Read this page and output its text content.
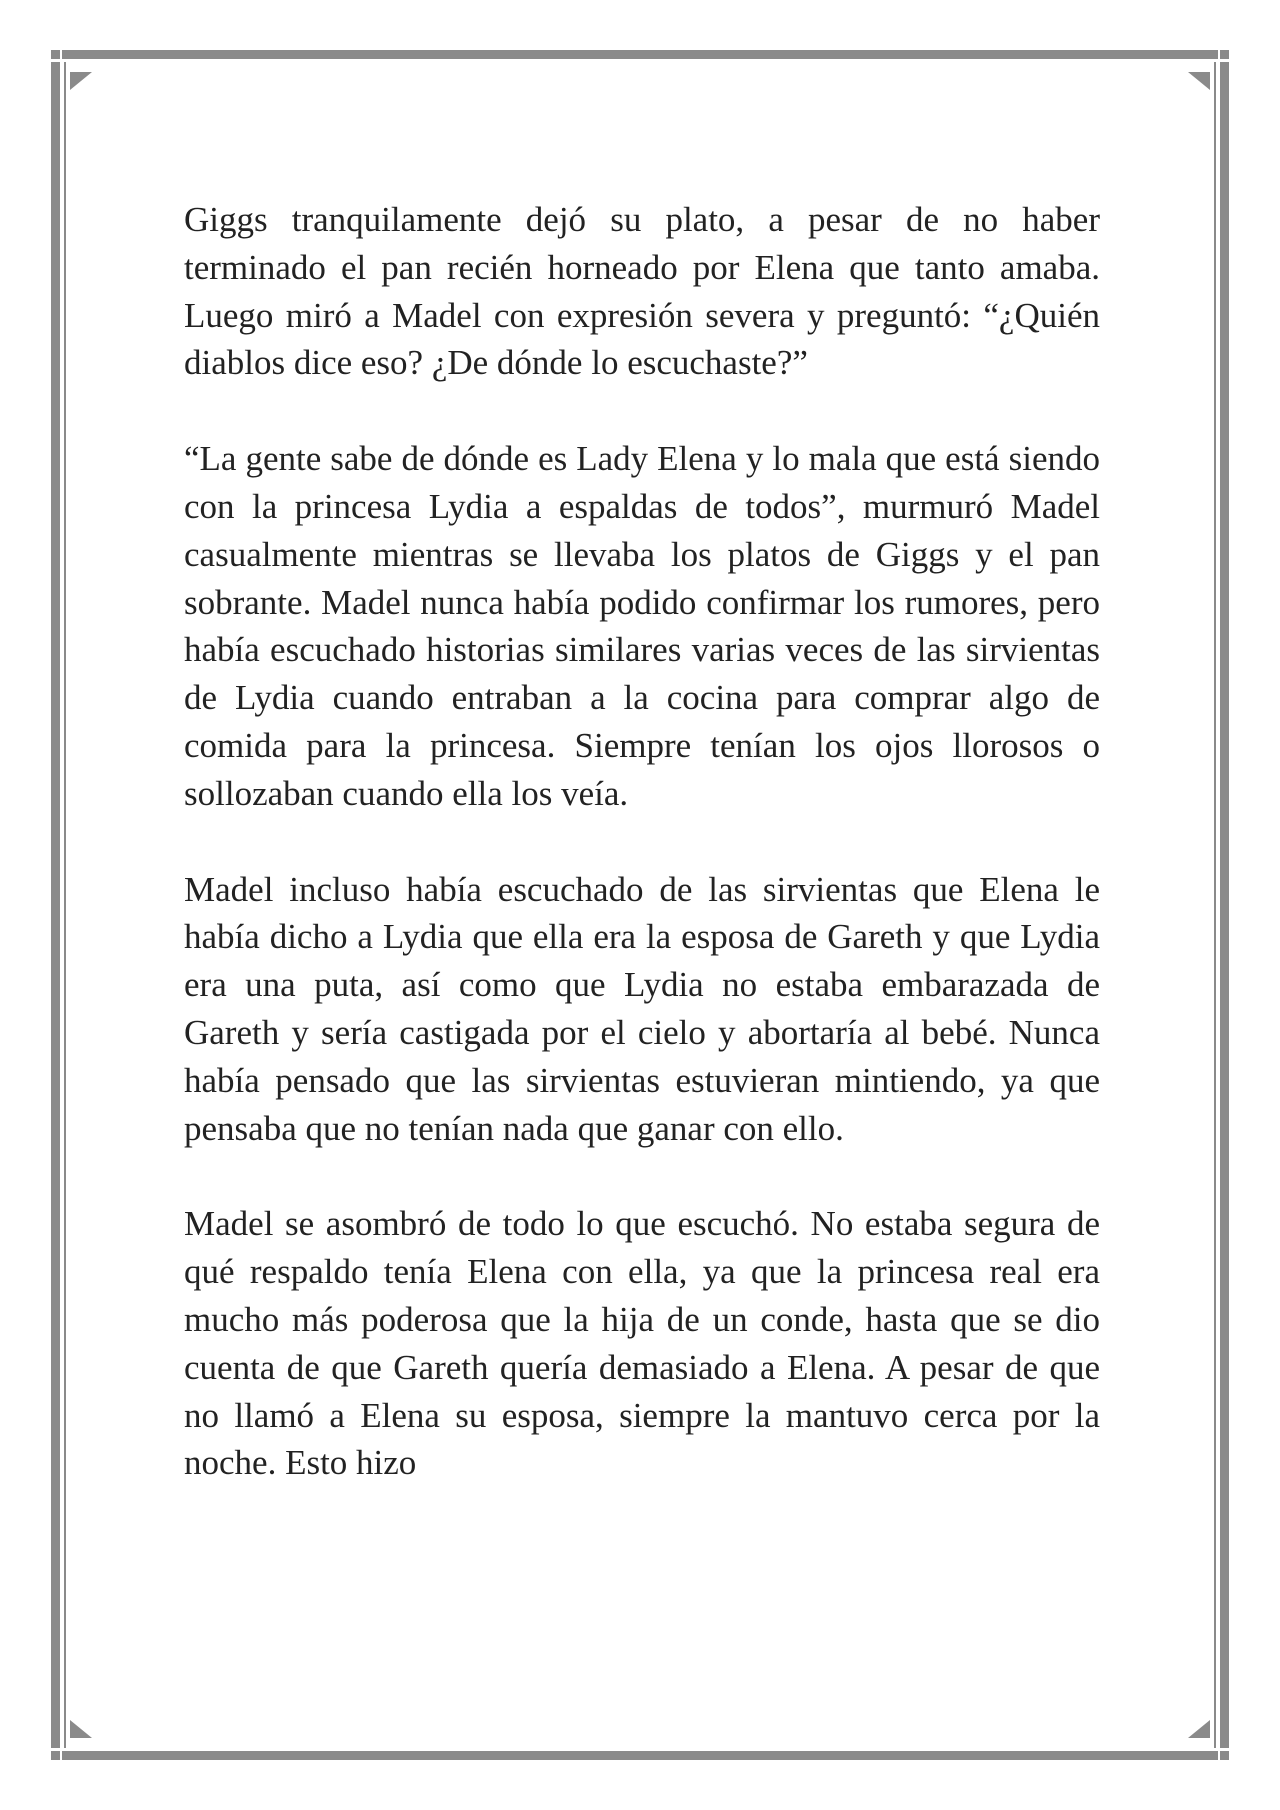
Giggs tranquilamente dejó su plato, a pesar de no haber terminado el pan recién horneado por Elena que tanto amaba. Luego miró a Madel con expresión severa y preguntó: “¿Quién diablos dice eso? ¿De dónde lo escuchaste?”

“La gente sabe de dónde es Lady Elena y lo mala que está siendo con la princesa Lydia a espaldas de todos”, murmuró Madel casualmente mientras se llevaba los platos de Giggs y el pan sobrante. Madel nunca había podido confirmar los rumores, pero había escuchado historias similares varias veces de las sirvientas de Lydia cuando entraban a la cocina para comprar algo de comida para la princesa. Siempre tenían los ojos llorosos o sollozaban cuando ella los veía.

Madel incluso había escuchado de las sirvientas que Elena le había dicho a Lydia que ella era la esposa de Gareth y que Lydia era una puta, así como que Lydia no estaba embarazada de Gareth y sería castigada por el cielo y abortaría al bebé. Nunca había pensado que las sirvientas estuvieran mintiendo, ya que pensaba que no tenían nada que ganar con ello.

Madel se asombró de todo lo que escuchó. No estaba segura de qué respaldo tenía Elena con ella, ya que la princesa real era mucho más poderosa que la hija de un conde, hasta que se dio cuenta de que Gareth quería demasiado a Elena. A pesar de que no llamó a Elena su esposa, siempre la mantuvo cerca por la noche. Esto hizo
